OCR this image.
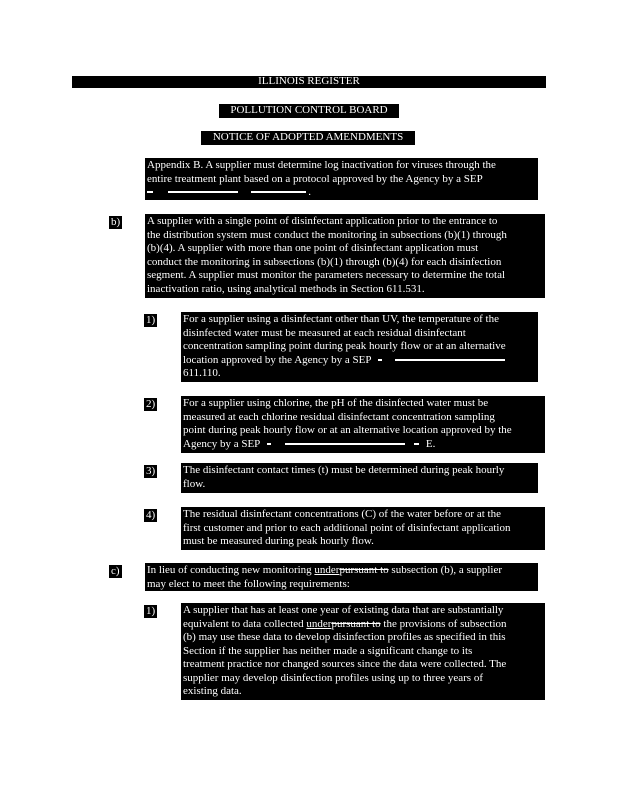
ILLINOIS REGISTER
POLLUTION CONTROL BOARD
NOTICE OF ADOPTED AMENDMENTS
Appendix B. A supplier must determine log inactivation for viruses through the
entire treatment plant based on a protocol approved by the Agency by a SEP
.
b) A supplier with a single point of disinfectant application prior to the entrance to
the distribution system must conduct the monitoring in subsections (b)(1) through
(b)(4). A supplier with more than one point of disinfectant application must
conduct the monitoring in subsections (b)(1) through (b)(4) for each disinfection
segment. A supplier must monitor the parameters necessary to determine the total
inactivation ratio, using analytical methods in Section 611.531.
1)	For a supplier using a disinfectant other than UV, the temperature of the
disinfected water must be measured at each residual disinfectant
concentration sampling point during peak hourly flow or at an alternative
location approved by the Agency by a SEP
611.110.
2)	For a supplier using chlorine, the pH of the disinfected water must be
measured at each chlorine residual disinfectant concentration sampling
point during peak hourly flow or at an alternative location approved by the
Agency by a SEP	E.
3)	The disinfectant contact times (t) must be determined during peak hourly
flow.
4)	The residual disinfectant concentrations (C) of the water before or at the
first customer and prior to each additional point of disinfectant application
must be measured during peak hourly flow.
c) In lieu of conducting new monitoring underpursuant to subsection (b), a supplier
may elect to meet the following requirements:
1)	A supplier that has at least one year of existing data that are substantially
equivalent to data collected underpursuant to the provisions of subsection
(b) may use these data to develop disinfection profiles as specified in this
Section if the supplier has neither made a significant change to its
treatment practice nor changed sources since the data were collected. The
supplier may develop disinfection profiles using up to three years of
existing data.
